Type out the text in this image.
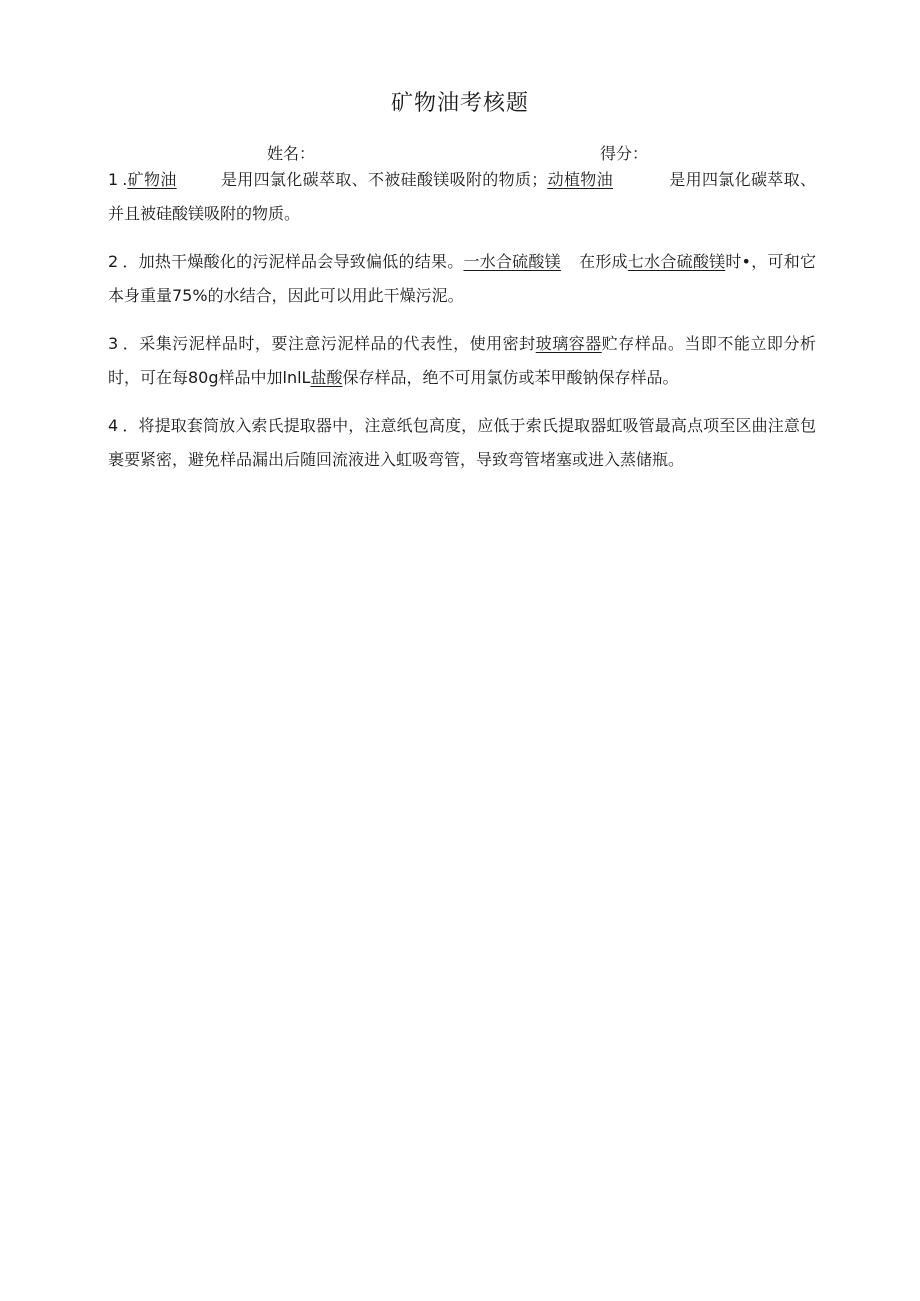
矿物油考核题
姓名：	得分：

1 .矿物油	是用四氯化碳萃取、不被硅酸镁吸附的物质；动植物油	是用四氯化碳萃取、并且被硅酸镁吸附的物质。

2 ．加热干燥酸化的污泥样品会导致偏低的结果。一水合硫酸镁 在形成七水合硫酸镁时•，可和它本身重量75%的水结合，因此可以用此干燥污泥。

3 ．采集污泥样品时，要注意污泥样品的代表性，使用密封玻璃容器贮存样品。当即不能立即分析时，可在每80g样品中加lnlL盐酸保存样品，绝不可用氯仿或苯甲酸钠保存样品。

4 ．将提取套筒放入索氏提取器中，注意纸包高度，应低于索氏提取器虹吸管最高点项至区曲注意包裹要紧密，避免样品漏出后随回流液进入虹吸弯管，导致弯管堵塞或进入蒸储瓶。
